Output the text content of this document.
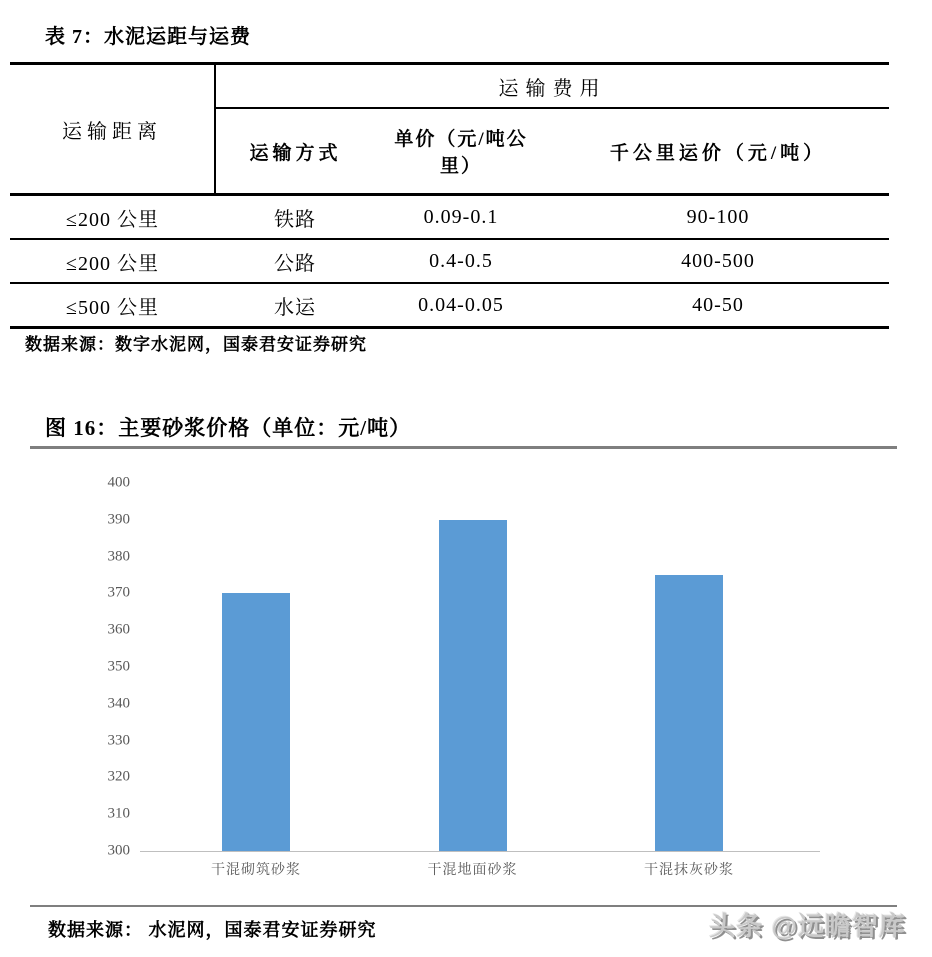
表 7：水泥运距与运费
运输距离	运输费用		
	运输方式	单价（元/吨公里）	千公里运价（元/吨）
≤200 公里	铁路	0.09-0.1	90-100
≤200 公里	公路	0.4-0.5	400-500
≤500 公里	水运	0.04-0.05	40-50
数据来源：数字水泥网，国泰君安证券研究
图 16：主要砂浆价格（单位：元/吨）
300
310
320
330
340
350
360
370
380
390
400
干混砌筑砂浆	干混地面砂浆	干混抹灰砂浆
数据来源： 水泥网，国泰君安证券研究	头条 @远瞻智库
